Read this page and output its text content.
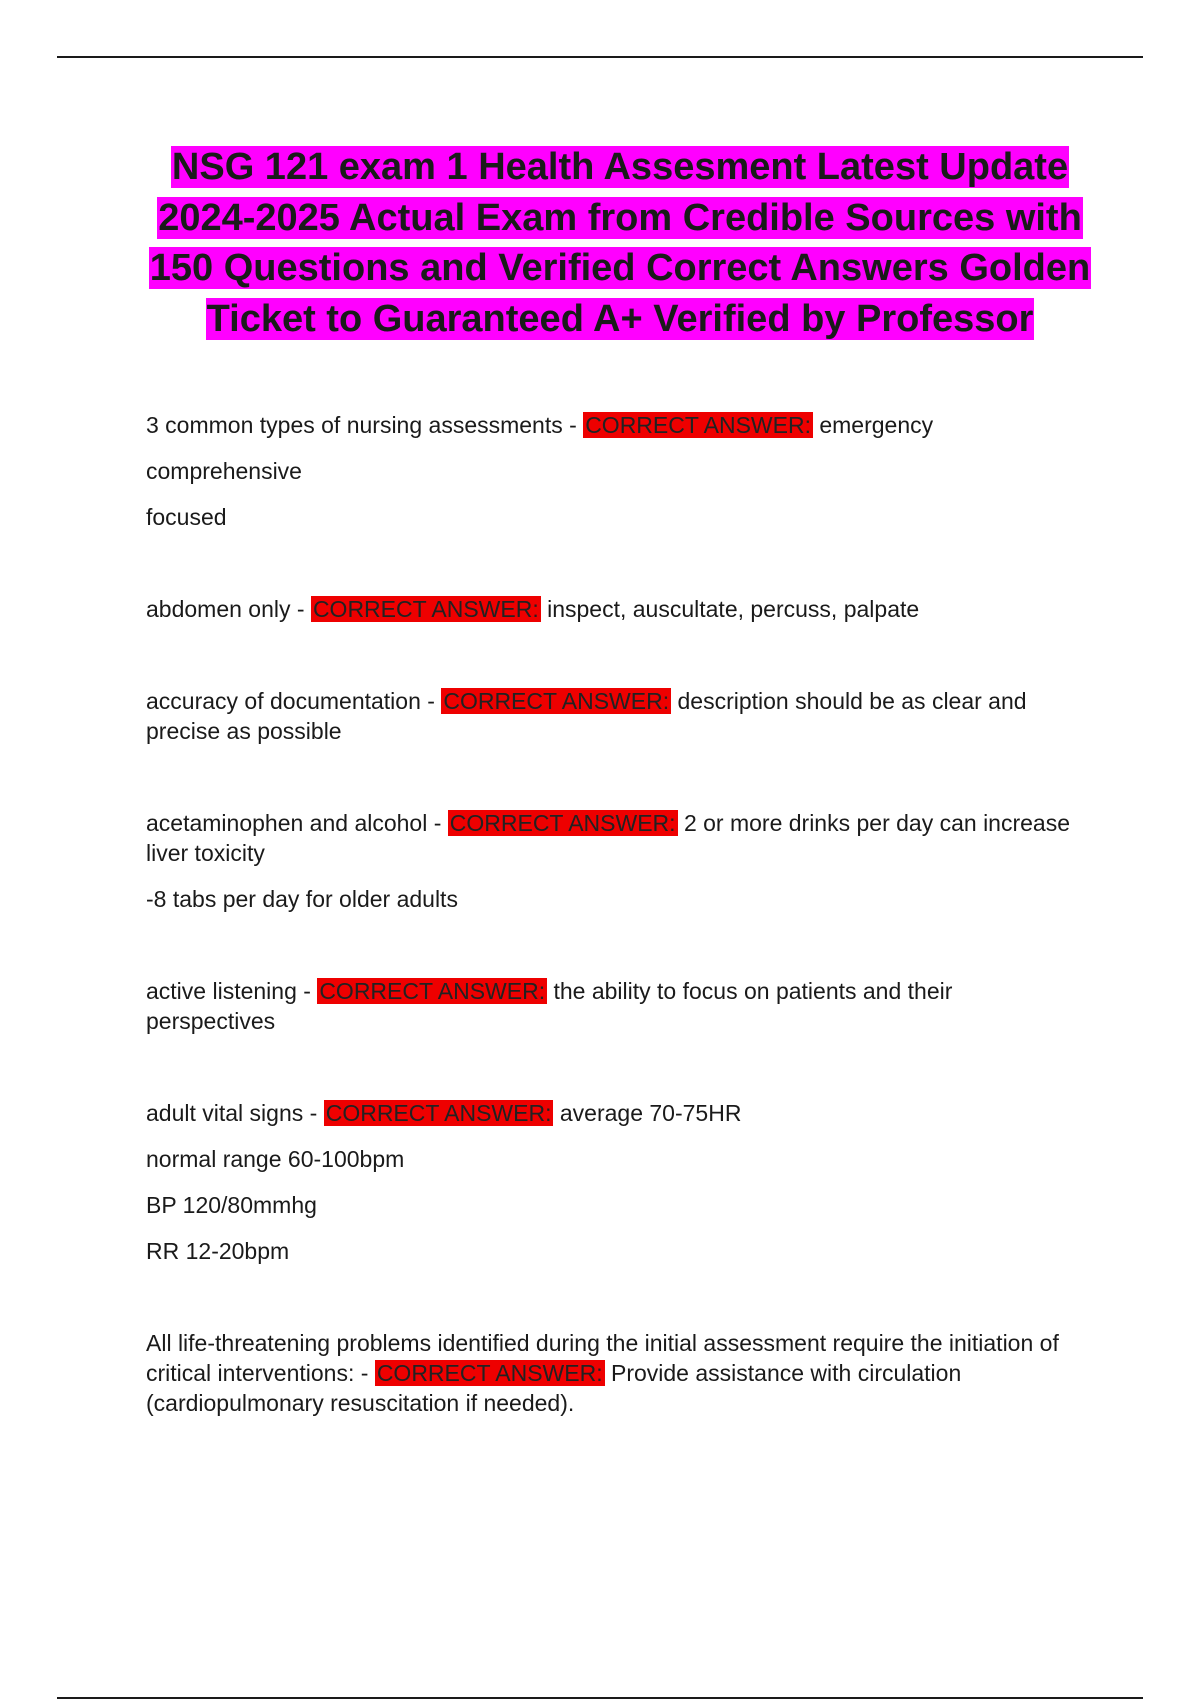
NSG 121 exam 1 Health Assesment Latest Update 2024-2025 Actual Exam from Credible Sources with 150 Questions and Verified Correct Answers Golden Ticket to Guaranteed A+ Verified by Professor

3 common types of nursing assessments - CORRECT ANSWER: emergency

comprehensive

focused

abdomen only - CORRECT ANSWER: inspect, auscultate, percuss, palpate

accuracy of documentation - CORRECT ANSWER: description should be as clear and precise as possible

acetaminophen and alcohol - CORRECT ANSWER: 2 or more drinks per day can increase liver toxicity

-8 tabs per day for older adults

active listening - CORRECT ANSWER: the ability to focus on patients and their perspectives

adult vital signs - CORRECT ANSWER: average 70-75HR

normal range 60-100bpm

BP 120/80mmhg

RR 12-20bpm

All life-threatening problems identified during the initial assessment require the initiation of critical interventions: - CORRECT ANSWER: Provide assistance with circulation (cardiopulmonary resuscitation if needed).
